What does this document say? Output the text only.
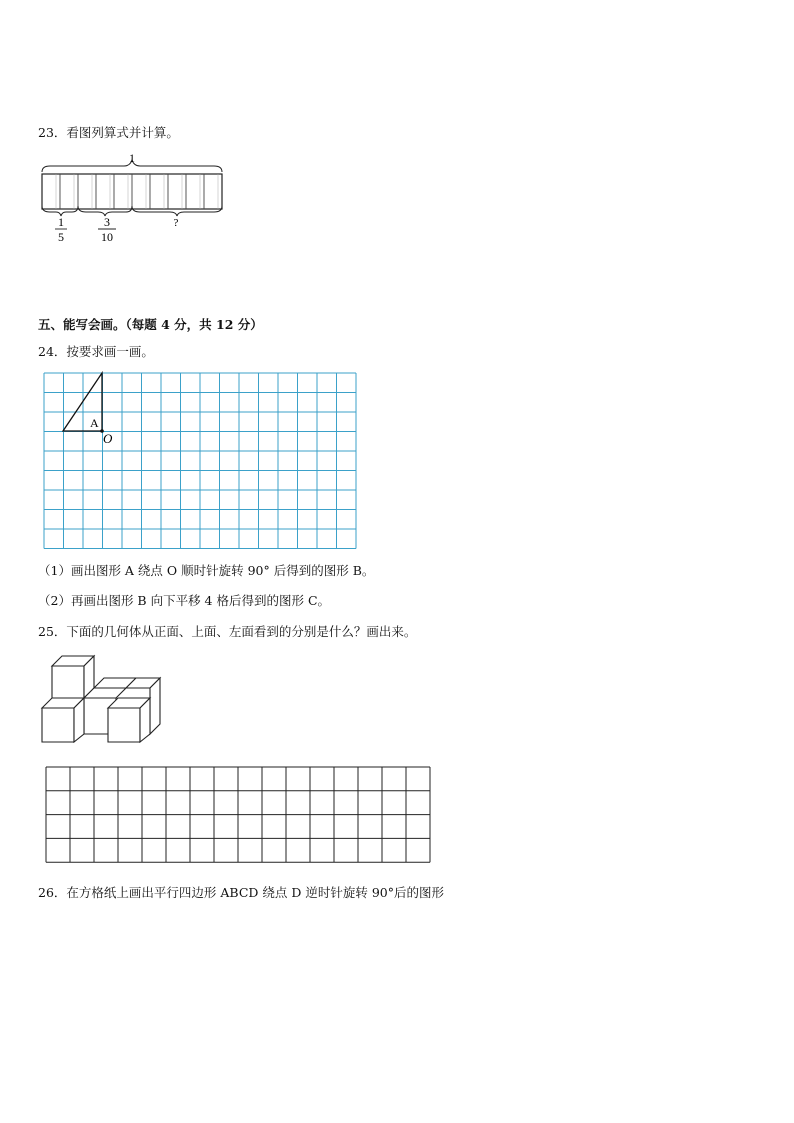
23．看图列算式并计算。
1
1
5
3
10
?
五、能写会画。（每题 4 分，共 12 分）
24．按要求画一画。
A
O
（1）画出图形 A 绕点 O 顺时针旋转 90° 后得到的图形 B。
（2）再画出图形 B 向下平移 4 格后得到的图形 C。
25．下面的几何体从正面、上面、左面看到的分别是什么？画出来。
26．在方格纸上画出平行四边形 ABCD 绕点 D 逆时针旋转 90°后的图形
